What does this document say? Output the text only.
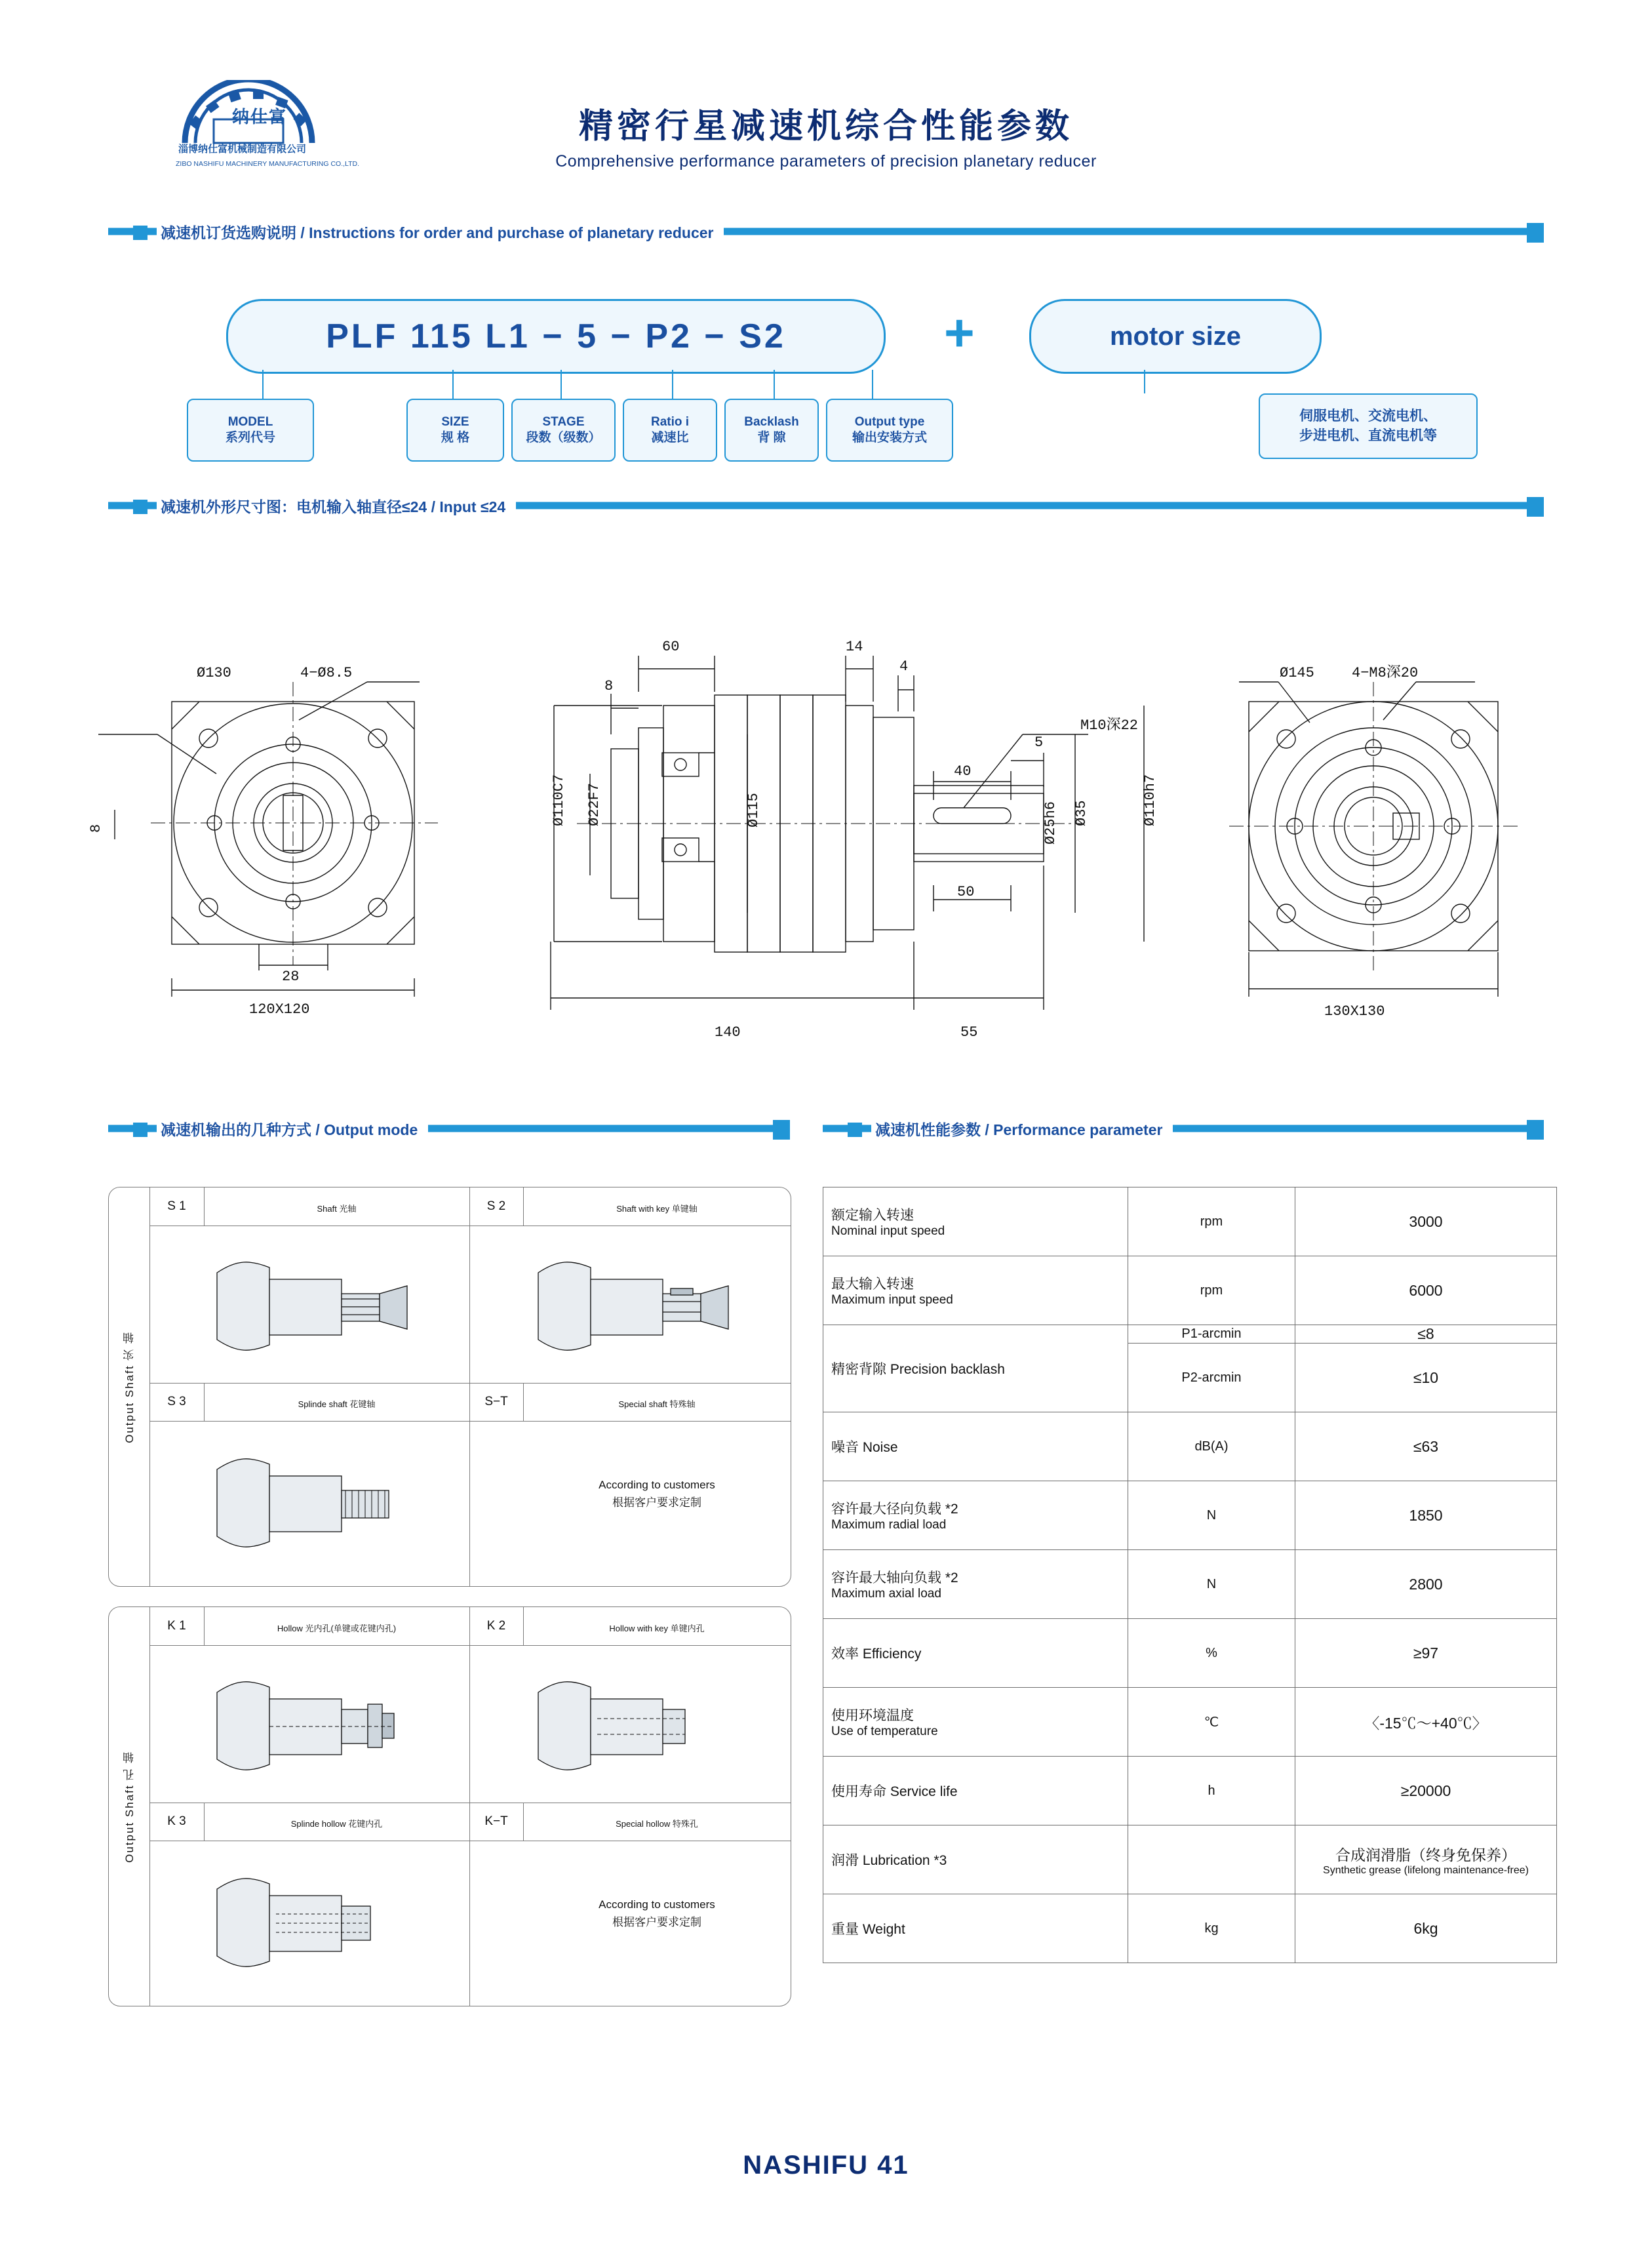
纳仕富
淄博纳仕富机械制造有限公司
ZIBO NASHIFU MACHINERY MANUFACTURING CO.,LTD.
精密行星减速机综合性能参数
Comprehensive performance parameters of precision planetary reducer
减速机订货选购说明 / Instructions for order and purchase of planetary reducer
PLF 115 L1 − 5 − P2 − S2	+	motor size
MODEL
系列代号
SIZE
规 格
STAGE
段数（级数）
Ratio i
减速比
Backlash
背 隙
Output type
输出安装方式
伺服电机、交流电机、
步进电机、直流电机等
减速机外形尺寸图：电机输入轴直径≤24 / Input ≤24
Ø130	4−Ø8.5
8
28
120X120
60
8
14
4
40
5
50
140	55
Ø110C7 Ø22F7	Ø115	Ø35
Ø25h6	Ø110h7
M10深22
Ø145	4−M8深20
130X130
减速机输出的几种方式 / Output mode	减速机性能参数 / Performance parameter
Output Shaft 实 轴
S 1	Shaft 光轴	S 2	Shaft with key 单键轴
S 3	Splinde shaft 花键轴	S−T	Special shaft 特殊轴
According to customers
根据客户要求定制
Output Shaft 孔 轴
K 1	Hollow 光内孔(单键或花键内孔)	K 2	Hollow with key 单键内孔
K 3	Splinde hollow 花键内孔	K−T	Special hollow 特殊孔
According to customers
根据客户要求定制
额定输入转速
Nominal input speed	rpm	3000

最大输入转速
Maximum input speed	rpm	6000
精密背隙 Precision backlash	P1-arcmin	≤8
	P2-arcmin	≤10
噪音 Noise	dB(A)	≤63

容许最大径向负载 *2
Maximum radial load	N	1850

容许最大轴向负载 *2
Maximum axial load	N	2800
效率 Efficiency	%	≥97

使用环境温度
Use of temperature	℃	〈-15℃～+40℃〉
使用寿命 Service life	h	≥20000
润滑 Lubrication *3		合成润滑脂（终身免保养）
Synthetic grease (lifelong maintenance-free)

重量 Weight	kg	6kg
NASHIFU 41
